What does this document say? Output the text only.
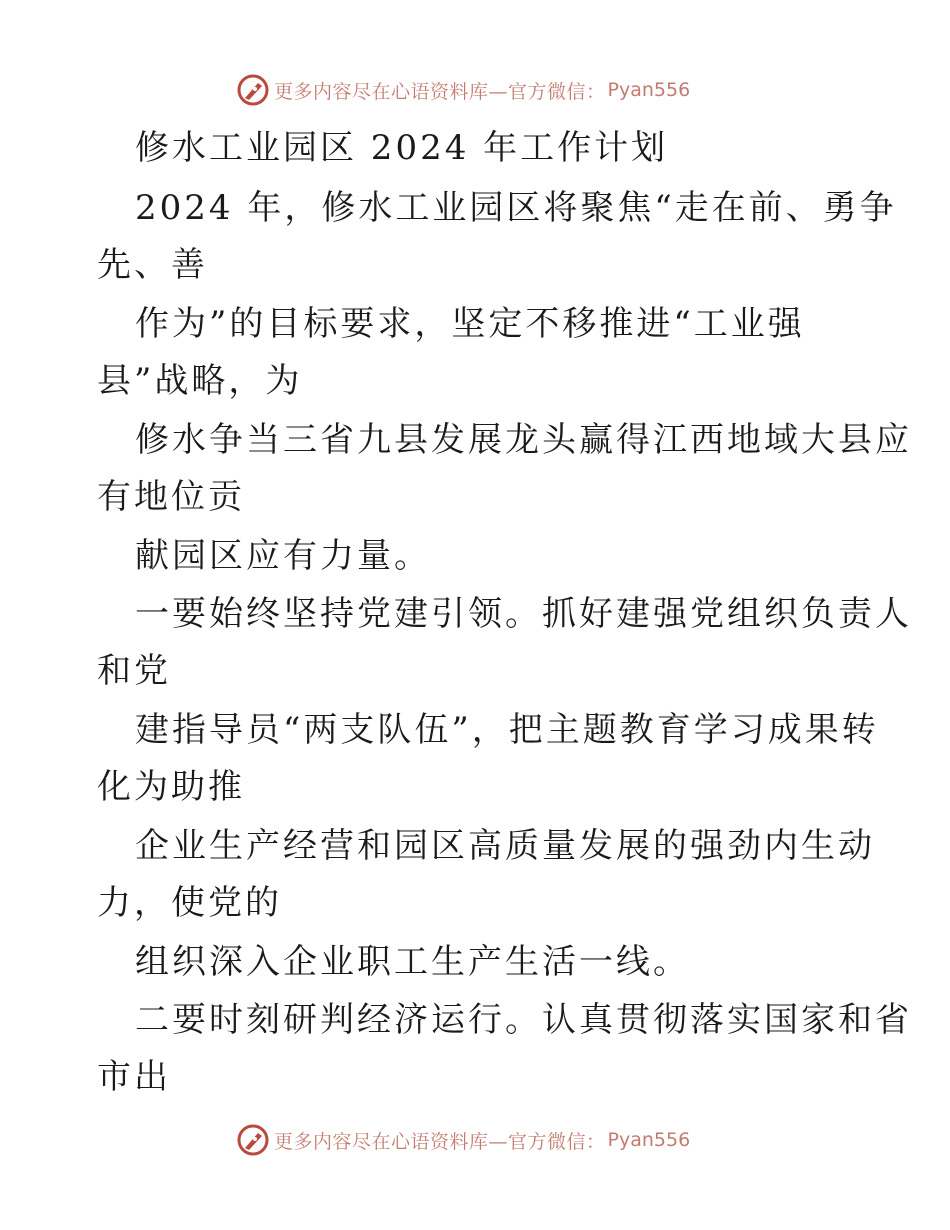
更多内容尽在心语资料库—官方微信： Pyan556
修水工业园区 2024 年工作计划
2024 年，修水工业园区将聚焦“走在前、勇争
先、善
作为”的目标要求，坚定不移推进“工业强
县”战略，为
修水争当三省九县发展龙头赢得江西地域大县应
有地位贡
献园区应有力量。
一要始终坚持党建引领。抓好建强党组织负责人
和党
建指导员“两支队伍”，把主题教育学习成果转
化为助推
企业生产经营和园区高质量发展的强劲内生动
力，使党的
组织深入企业职工生产生活一线。
二要时刻研判经济运行。认真贯彻落实国家和省
市出
更多内容尽在心语资料库—官方微信： Pyan556
